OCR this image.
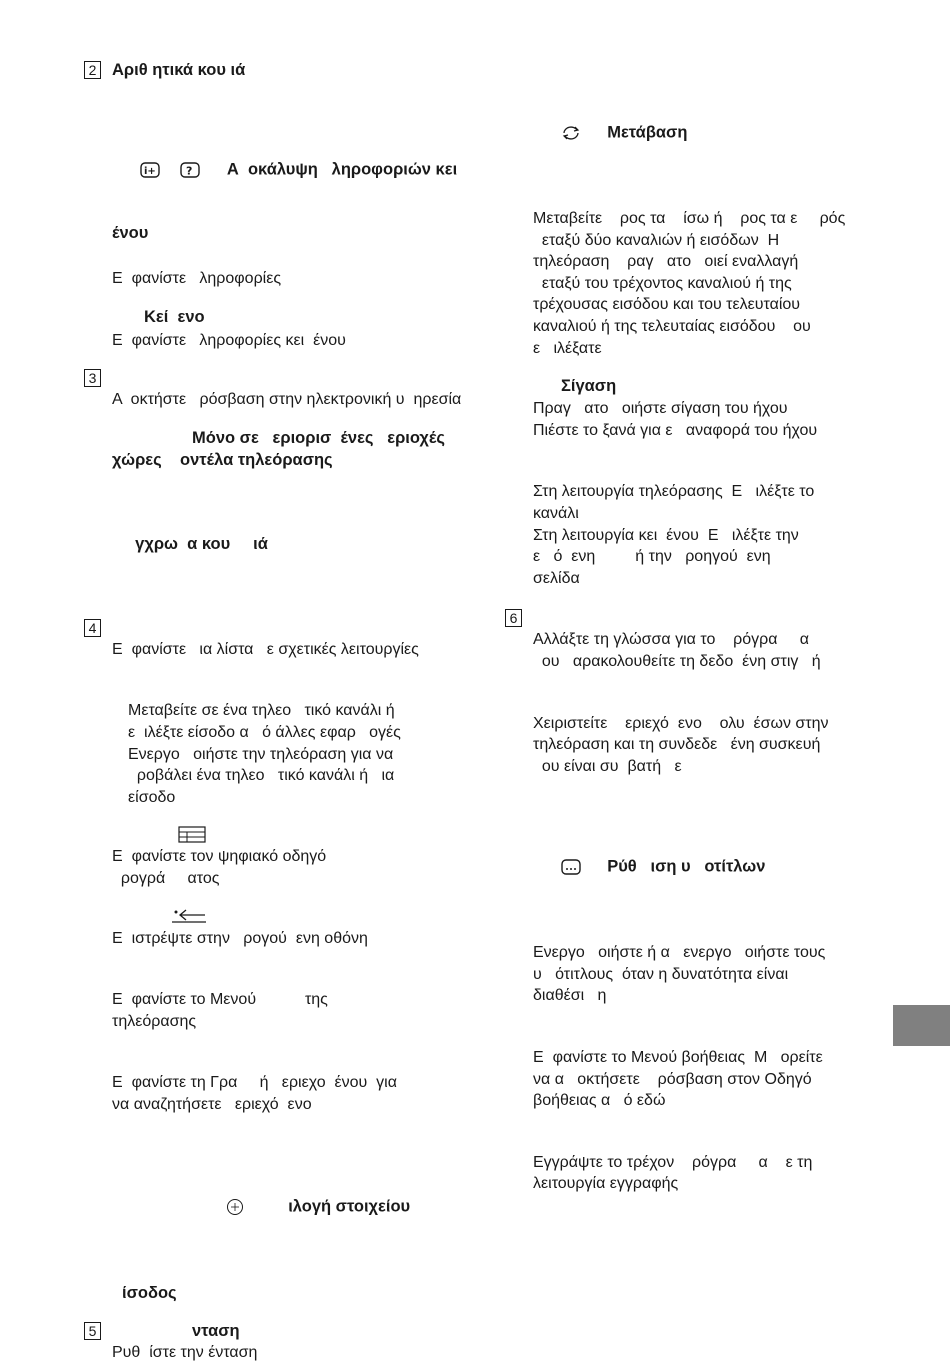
2 Αριθ ητικά κου ιά

i+

	? Α  οκάλυψη   ληροφοριών κει  ένου

Ε  φανίστε   ληροφορίες
Κεί  ενο
Ε  φανίστε   ληροφορίες κει  ένου
3
Α  οκτήστε   ρόσβαση στην ηλεκτρονική υ  ηρεσία
Μόνο σε   εριορισ  ένες   εριοχές χώρες    οντέλα τηλεόρασης
γχρω  α κου     ιά
4
Ε  φανίστε   ια λίστα   ε σχετικές λειτουργίες
Μεταβείτε σε ένα τηλεο   τικό κανάλι ή
ε  ιλέξτε είσοδο α   ό άλλες εφαρ   ογές
Ενεργο   οιήστε την τηλεόραση για να
ροβάλει ένα τηλεο   τικό κανάλι ή   ια
είσοδο
Ε  φανίστε τον ψηφιακό οδηγό
ρογρά     ατος
Ε  ιστρέψτε στην   ρογού  ενη οθόνη
Ε  φανίστε το Μενού           της
τηλεόρασης
Ε  φανίστε τη Γρα     ή   εριεχο  ένου  για
να αναζητήσετε   εριεχό  ενο

ιλογή στοιχείου

ίσοδος
5	νταση
Ρυθ  ίστε την ένταση

Μετάβαση

Μεταβείτε    ρος τα    ίσω ή    ρος τα ε     ρός
εταξύ δύο καναλιών ή εισόδων  Η
τηλεόραση    ραγ   ατο   οιεί εναλλαγή
εταξύ του τρέχοντος καναλιού ή της
τρέχουσας εισόδου και του τελευταίου
καναλιού ή της τελευταίας εισόδου    ου
ε   ιλέξατε
Σίγαση
Πραγ   ατο   οιήστε σίγαση του ήχου
Πιέστε το ξανά για ε   αναφορά του ήχου
Στη λειτουργία τηλεόρασης  Ε   ιλέξτε το
κανάλι
Στη λειτουργία κει  ένου  Ε   ιλέξτε την
ε   ό  ενη         ή την   ροηγού  ενη
σελίδα
6
Αλλάξτε τη γλώσσα για το    ρόγρα     α
ου   αρακολουθείτε τη δεδο  ένη στιγ   ή
Χειριστείτε    εριεχό  ενο    ολυ  έσων στην
τηλεόραση και τη συνδεδε   ένη συσκευή
ου είναι συ  βατή   ε

Ρύθ   ιση υ   οτίτλων

Ενεργο   οιήστε ή α   ενεργο   οιήστε τους
υ   ότιτλους  όταν η δυνατότητα είναι
διαθέσι   η
Ε  φανίστε το Μενού βοήθειας  Μ   ορείτε
να α   οκτήσετε    ρόσβαση στον Οδηγό
βοήθειας α   ό εδώ
Εγγράψτε το τρέχον    ρόγρα     α    ε τη
λειτουργία εγγραφής
